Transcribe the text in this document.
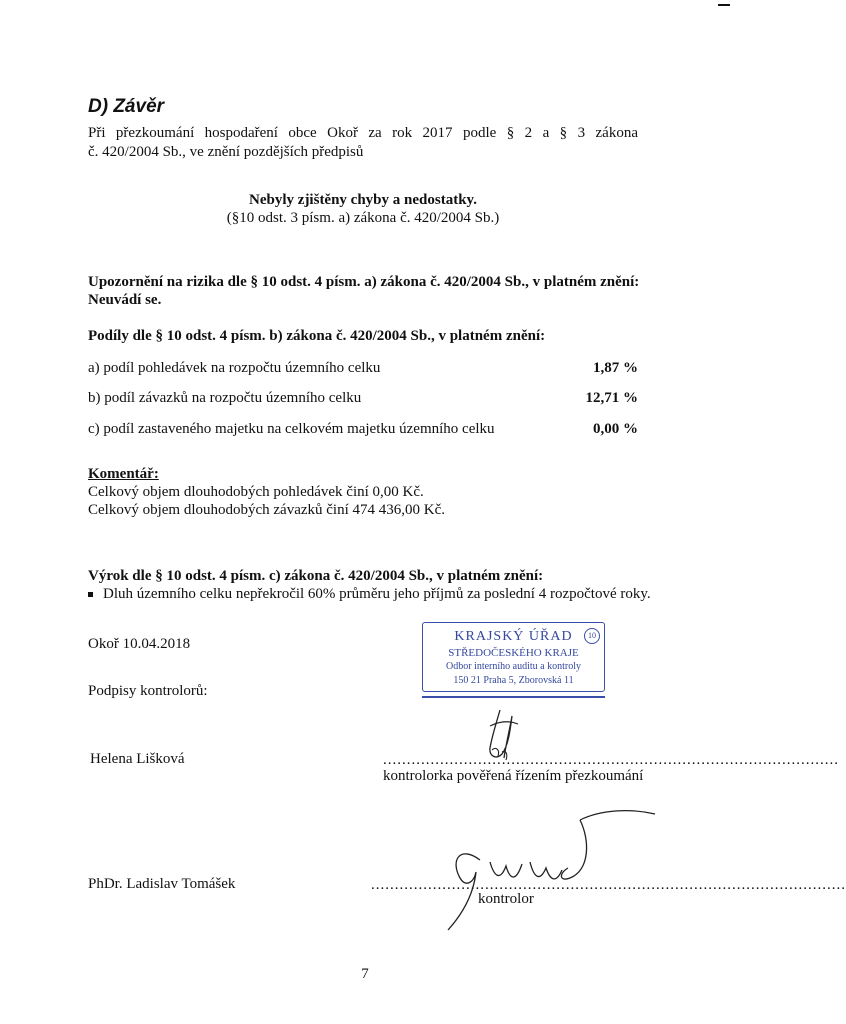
D) Závěr

Při přezkoumání hospodaření obce Okoř za rok 2017 podle § 2 a § 3 zákona

č. 420/2004 Sb., ve znění pozdějších předpisů

Nebyly zjištěny chyby a nedostatky.

(§10 odst. 3 písm. a) zákona č. 420/2004 Sb.)

Upozornění na rizika dle § 10 odst. 4 písm. a) zákona č. 420/2004 Sb., v platném znění:

Neuvádí se.

Podíly dle § 10 odst. 4 písm. b) zákona č. 420/2004 Sb., v platném znění:

a) podíl pohledávek na rozpočtu územního celku	1,87 %
b) podíl závazků na rozpočtu územního celku	12,71 %
c) podíl zastaveného majetku na celkovém majetku územního celku	0,00 %

Komentář:

Celkový objem dlouhodobých pohledávek činí 0,00 Kč.

Celkový objem dlouhodobých závazků činí 474 436,00 Kč.

Výrok dle § 10 odst. 4 písm. c) zákona č. 420/2004 Sb., v platném znění:

Dluh územního celku nepřekročil 60% průměru jeho příjmů za poslední 4 rozpočtové roky.

Okoř 10.04.2018

Podpisy kontrolorů:

KRAJSKÝ ÚŘAD
STŘEDOČESKÉHO KRAJE
Odbor interního auditu a kontroly
150 21 Praha 5, Zborovská 11
10

Helena Lišková	................................................................................................

kontrolorka pověřená řízením přezkoumání

PhDr. Ladislav Tomášek	....................................................................................................

kontrolor

7
